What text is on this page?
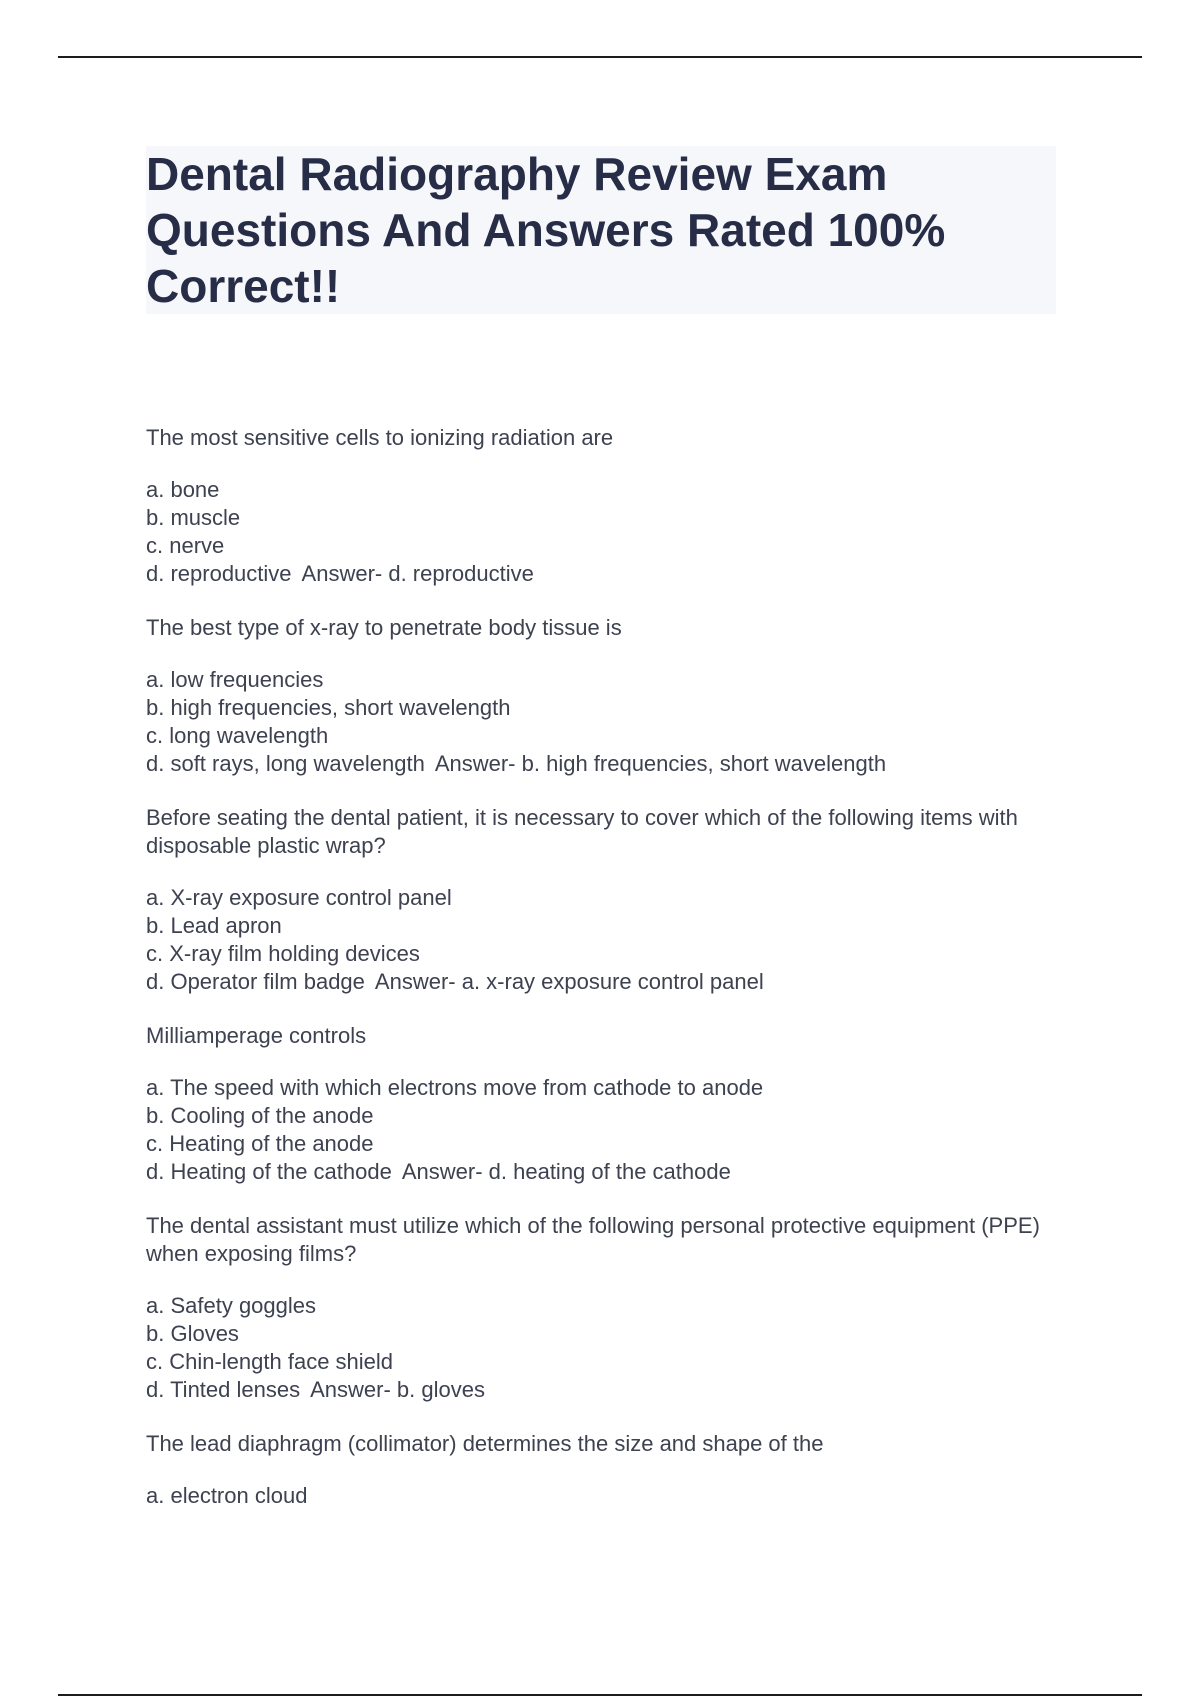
Dental Radiography Review Exam Questions And Answers Rated 100% Correct!!

The most sensitive cells to ionizing radiation are

a. bone

b. muscle

c. nerve

d. reproductive Answer- d. reproductive

The best type of x-ray to penetrate body tissue is

a. low frequencies

b. high frequencies, short wavelength

c. long wavelength

d. soft rays, long wavelength Answer- b. high frequencies, short wavelength

Before seating the dental patient, it is necessary to cover which of the following items with disposable plastic wrap?

a. X-ray exposure control panel

b. Lead apron

c. X-ray film holding devices

d. Operator film badge Answer- a. x-ray exposure control panel

Milliamperage controls

a. The speed with which electrons move from cathode to anode

b. Cooling of the anode

c. Heating of the anode

d. Heating of the cathode Answer- d. heating of the cathode

The dental assistant must utilize which of the following personal protective equipment (PPE) when exposing films?

a. Safety goggles

b. Gloves

c. Chin-length face shield

d. Tinted lenses Answer- b. gloves

The lead diaphragm (collimator) determines the size and shape of the

a. electron cloud
